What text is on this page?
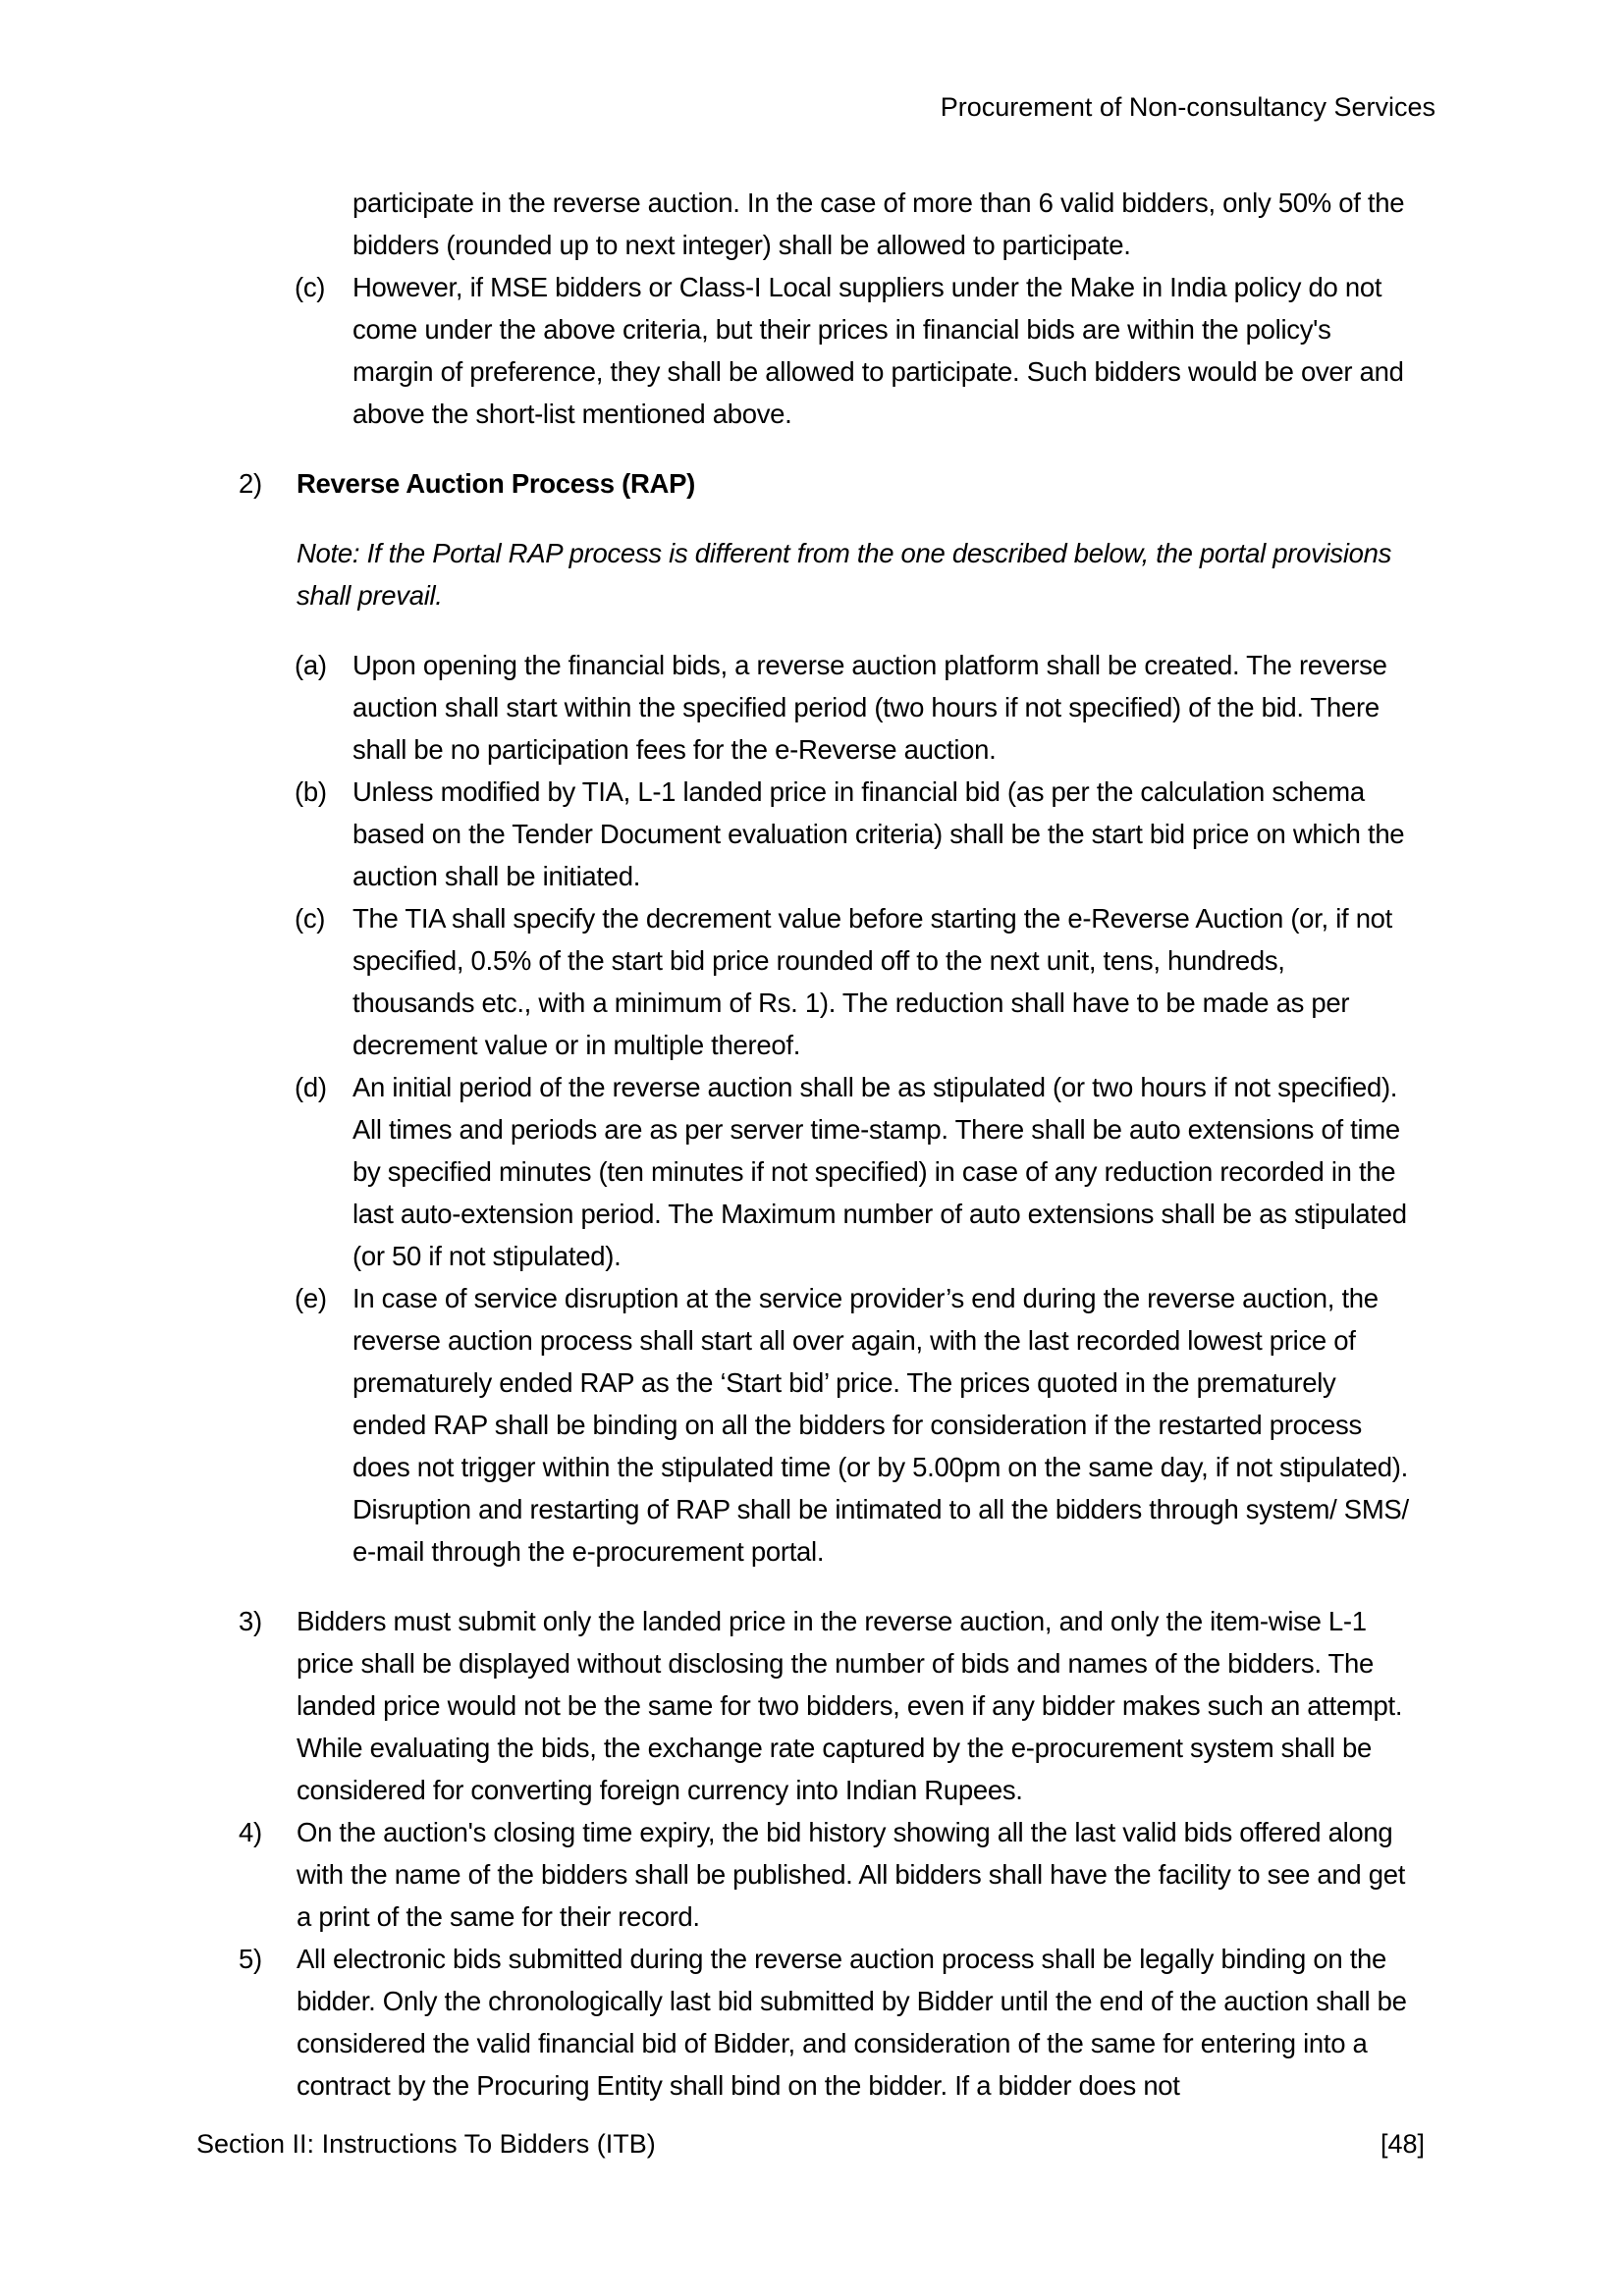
Procurement of Non-consultancy Services
participate in the reverse auction. In the case of more than 6 valid bidders, only 50% of the bidders (rounded up to next integer) shall be allowed to participate.
(c)	However, if MSE bidders or Class-I Local suppliers under the Make in India policy do not come under the above criteria, but their prices in financial bids are within the policy's margin of preference, they shall be allowed to participate. Such bidders would be over and above the short-list mentioned above.
2)	Reverse Auction Process (RAP)
Note: If the Portal RAP process is different from the one described below, the portal provisions shall prevail.
(a) Upon opening the financial bids, a reverse auction platform shall be created. The reverse auction shall start within the specified period (two hours if not specified) of the bid. There shall be no participation fees for the e-Reverse auction.
(b) Unless modified by TIA, L-1 landed price in financial bid (as per the calculation schema based on the Tender Document evaluation criteria) shall be the start bid price on which the auction shall be initiated.
(c)	The TIA shall specify the decrement value before starting the e-Reverse Auction (or, if not specified, 0.5% of the start bid price rounded off to the next unit, tens, hundreds, thousands etc., with a minimum of Rs. 1). The reduction shall have to be made as per decrement value or in multiple thereof.
(d) An initial period of the reverse auction shall be as stipulated (or two hours if not specified). All times and periods are as per server time-stamp. There shall be auto extensions of time by specified minutes (ten minutes if not specified) in case of any reduction recorded in the last auto-extension period. The Maximum number of auto extensions shall be as stipulated (or 50 if not stipulated).
(e) In case of service disruption at the service provider’s end during the reverse auction, the reverse auction process shall start all over again, with the last recorded lowest price of prematurely ended RAP as the ‘Start bid’ price. The prices quoted in the prematurely ended RAP shall be binding on all the bidders for consideration if the restarted process does not trigger within the stipulated time (or by 5.00pm on the same day, if not stipulated). Disruption and restarting of RAP shall be intimated to all the bidders through system/ SMS/ e-mail through the e-procurement portal.
3)	Bidders must submit only the landed price in the reverse auction, and only the item-wise L-1 price shall be displayed without disclosing the number of bids and names of the bidders. The landed price would not be the same for two bidders, even if any bidder makes such an attempt. While evaluating the bids, the exchange rate captured by the e-procurement system shall be considered for converting foreign currency into Indian Rupees.
4)	On the auction's closing time expiry, the bid history showing all the last valid bids offered along with the name of the bidders shall be published. All bidders shall have the facility to see and get a print of the same for their record.
5)	All electronic bids submitted during the reverse auction process shall be legally binding on the bidder. Only the chronologically last bid submitted by Bidder until the end of the auction shall be considered the valid financial bid of Bidder, and consideration of the same for entering into a contract by the Procuring Entity shall bind on the bidder. If a bidder does not
Section II: Instructions To Bidders (ITB)	[48]
